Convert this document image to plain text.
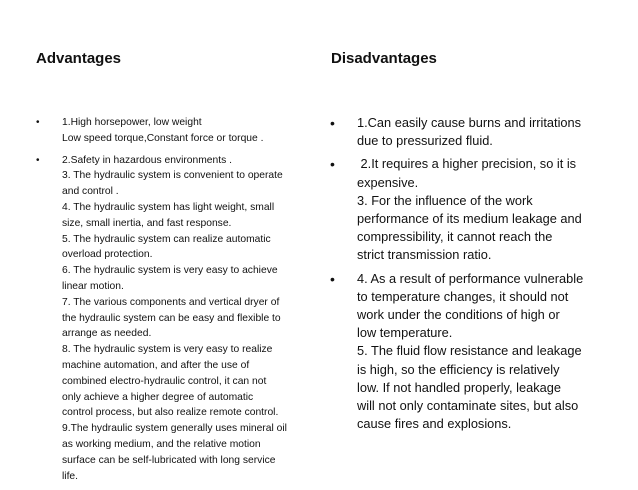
Advantages	Disadvantages
• 1.High horsepower, low weight
Low speed torque,Constant force or torque .
• 2.Safety in hazardous environments .
3. The hydraulic system is convenient to operate
and control .
4. The hydraulic system has light weight, small
size, small inertia, and fast response.
5. The hydraulic system can realize automatic
overload protection.
6. The hydraulic system is very easy to achieve
linear motion.
7. The various components and vertical dryer of
the hydraulic system can be easy and flexible to
arrange as needed.
8. The hydraulic system is very easy to realize
machine automation, and after the use of
combined electro-hydraulic control, it can not
only achieve a higher degree of automatic
control process, but also realize remote control.
9.The hydraulic system generally uses mineral oil
as working medium, and the relative motion
surface can be self-lubricated with long service
life.
• 1.Can easily cause burns and irritations
due to pressurized fluid.
• 2.It requires a higher precision, so it is
expensive.
3. For the influence of the work
performance of its medium leakage and
compressibility, it cannot reach the
strict transmission ratio.
• 4. As a result of performance vulnerable
to temperature changes, it should not
work under the conditions of high or
low temperature.
5. The fluid flow resistance and leakage
is high, so the efficiency is relatively
low. If not handled properly, leakage
will not only contaminate sites, but also
cause fires and explosions.
